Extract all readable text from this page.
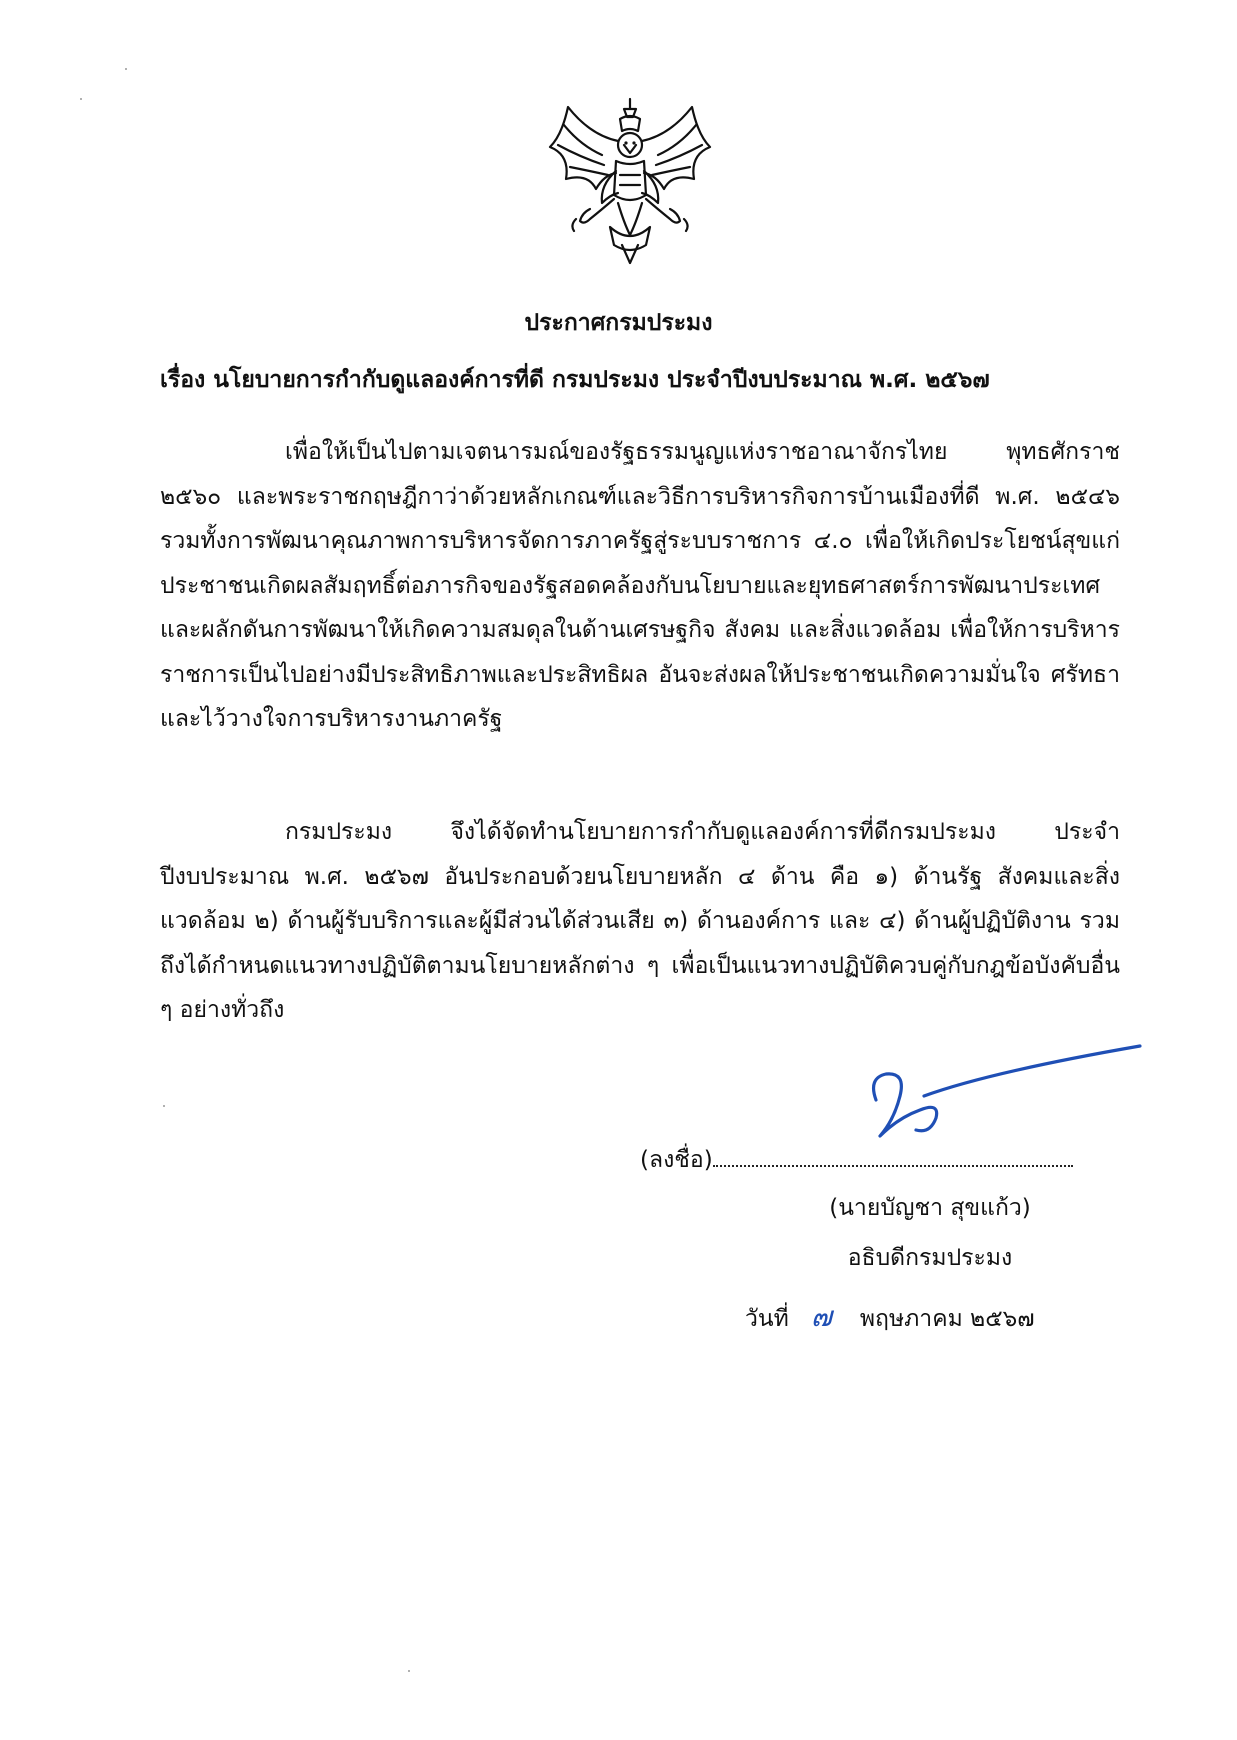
ประกาศกรมประมง
เรื่อง นโยบายการกำกับดูแลองค์การที่ดี กรมประมง ประจำปีงบประมาณ พ.ศ. ๒๕๖๗

เพื่อให้เป็นไปตามเจตนารมณ์ของรัฐธรรมนูญแห่งราชอาณาจักรไทย พุทธศักราช ๒๕๖๐ และพระราชกฤษฎีกาว่าด้วยหลักเกณฑ์และวิธีการบริหารกิจการบ้านเมืองที่ดี พ.ศ. ๒๕๔๖ รวมทั้งการพัฒนาคุณภาพการบริหารจัดการภาครัฐสู่ระบบราชการ ๔.๐ เพื่อให้เกิดประโยชน์สุขแก่ประชาชนเกิดผลสัมฤทธิ์ต่อภารกิจของรัฐสอดคล้องกับนโยบายและยุทธศาสตร์การพัฒนาประเทศ และผลักดันการพัฒนาให้เกิดความสมดุลในด้านเศรษฐกิจ สังคม และสิ่งแวดล้อม เพื่อให้การบริหารราชการเป็นไปอย่างมีประสิทธิภาพและประสิทธิผล อันจะส่งผลให้ประชาชนเกิดความมั่นใจ ศรัทธา และไว้วางใจการบริหารงานภาครัฐ

กรมประมง จึงได้จัดทำนโยบายการกำกับดูแลองค์การที่ดีกรมประมง ประจำปีงบประมาณ พ.ศ. ๒๕๖๗ อันประกอบด้วยนโยบายหลัก ๔ ด้าน คือ ๑) ด้านรัฐ สังคมและสิ่งแวดล้อม ๒) ด้านผู้รับบริการและผู้มีส่วนได้ส่วนเสีย ๓) ด้านองค์การ และ ๔) ด้านผู้ปฏิบัติงาน รวมถึงได้กำหนดแนวทางปฏิบัติตามนโยบายหลักต่าง ๆ เพื่อเป็นแนวทางปฏิบัติควบคู่กับกฎข้อบังคับอื่น ๆ อย่างทั่วถึง

(ลงชื่อ)
(นายบัญชา สุขแก้ว)
อธิบดีกรมประมง
วันที่ ๗ พฤษภาคม ๒๕๖๗
